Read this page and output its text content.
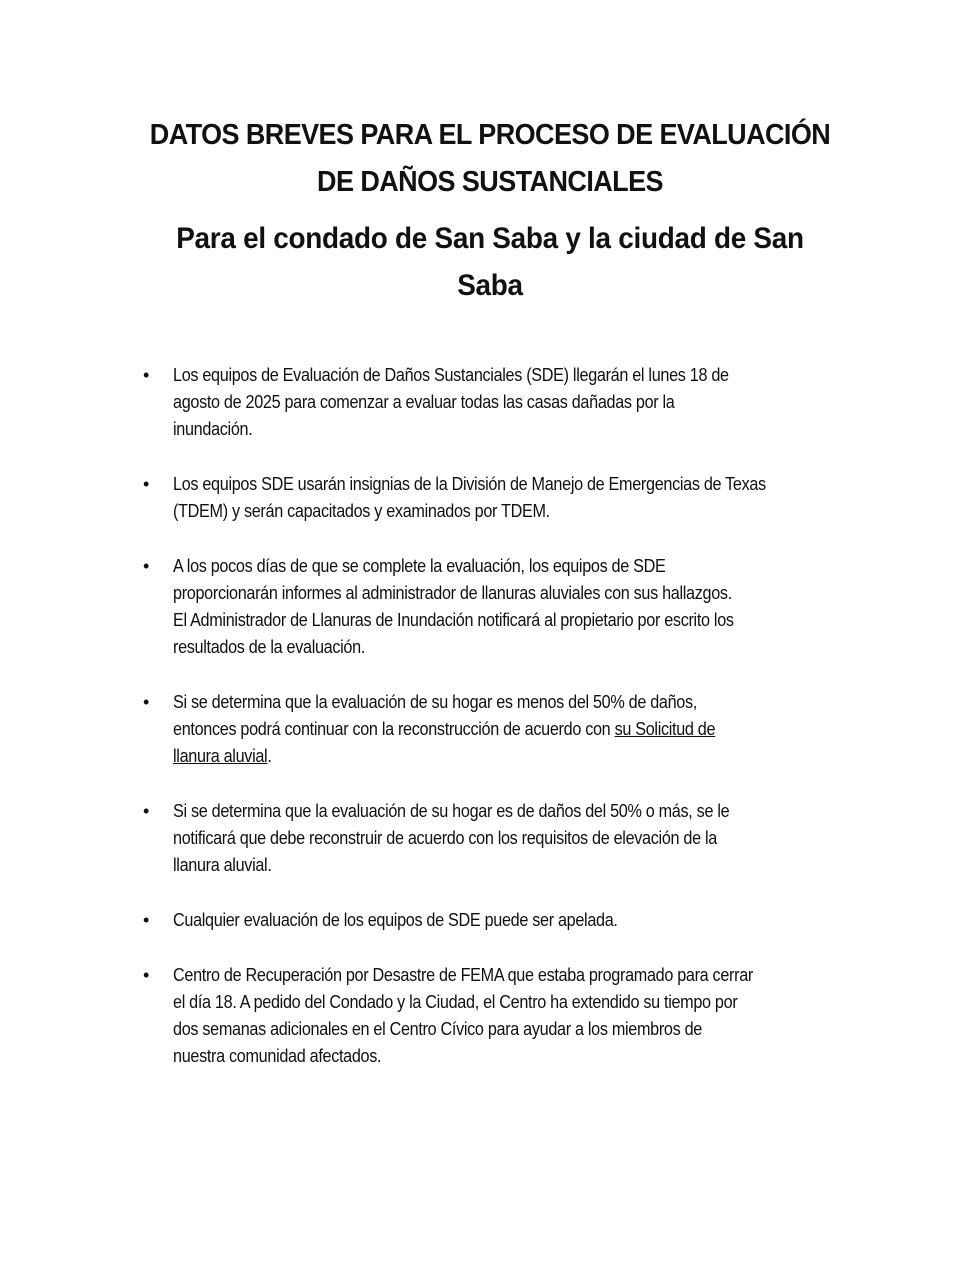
DATOS BREVES PARA EL PROCESO DE EVALUACIÓN
DE DAÑOS SUSTANCIALES
Para el condado de San Saba y la ciudad de San
Saba
• Los equipos de Evaluación de Daños Sustanciales (SDE) llegarán el lunes 18 de
agosto de 2025 para comenzar a evaluar todas las casas dañadas por la
inundación.
• Los equipos SDE usarán insignias de la División de Manejo de Emergencias de Texas
(TDEM) y serán capacitados y examinados por TDEM.
• A los pocos días de que se complete la evaluación, los equipos de SDE
proporcionarán informes al administrador de llanuras aluviales con sus hallazgos.
El Administrador de Llanuras de Inundación notificará al propietario por escrito los
resultados de la evaluación.
• Si se determina que la evaluación de su hogar es menos del 50% de daños,
entonces podrá continuar con la reconstrucción de acuerdo con su Solicitud de
llanura aluvial.
• Si se determina que la evaluación de su hogar es de daños del 50% o más, se le
notificará que debe reconstruir de acuerdo con los requisitos de elevación de la
llanura aluvial.
• Cualquier evaluación de los equipos de SDE puede ser apelada.
• Centro de Recuperación por Desastre de FEMA que estaba programado para cerrar
el día 18. A pedido del Condado y la Ciudad, el Centro ha extendido su tiempo por
dos semanas adicionales en el Centro Cívico para ayudar a los miembros de
nuestra comunidad afectados.
